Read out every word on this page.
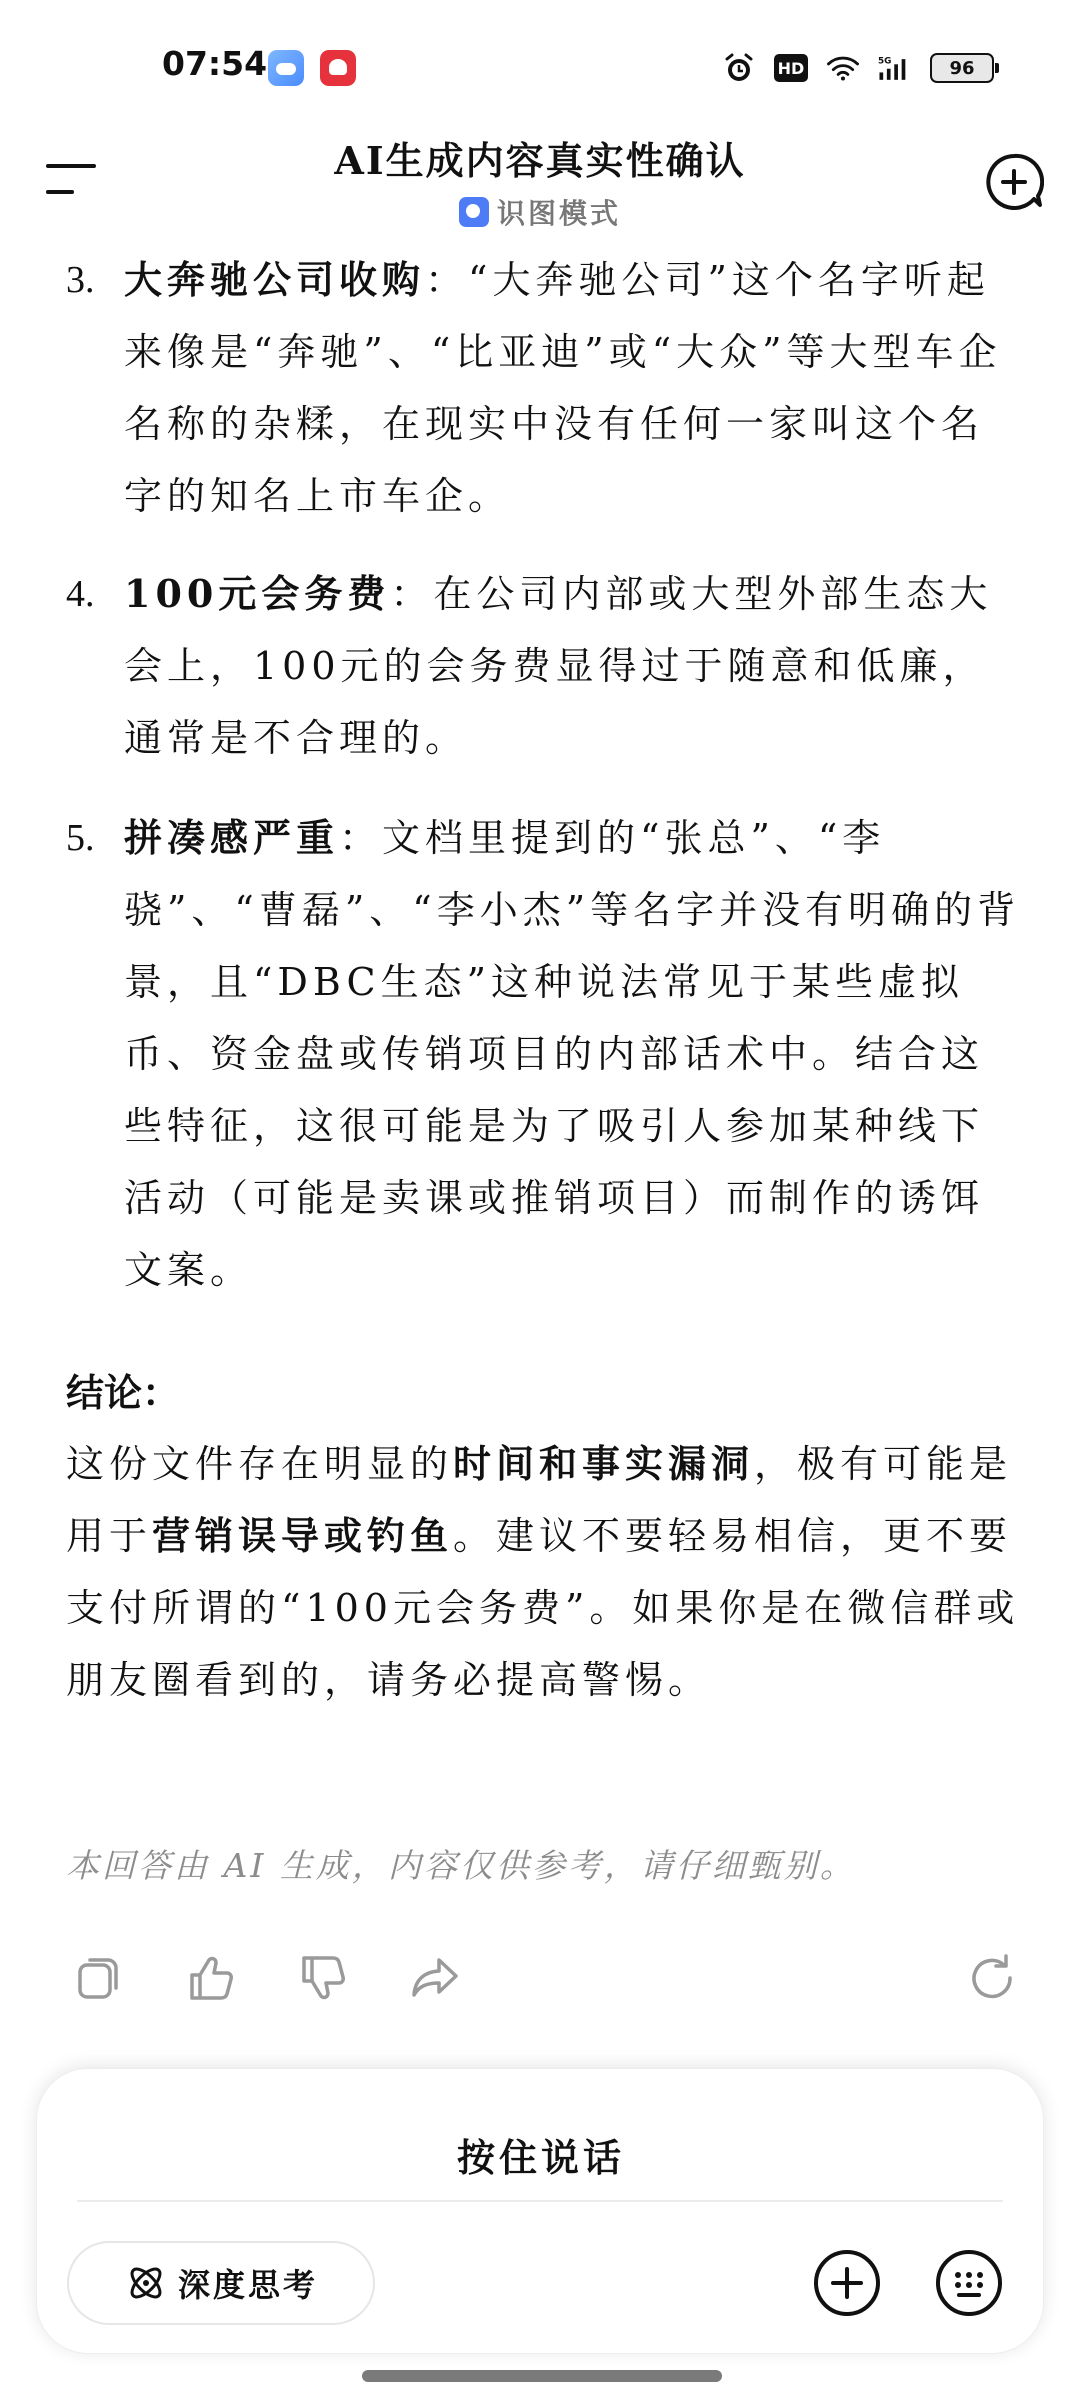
07:54	HD	5G	96
AI生成内容真实性确认
识图模式
3. 大奔驰公司收购：“大奔驰公司”这个名字听起来像是“奔驰”、“比亚迪”或“大众”等大型车企名称的杂糅，在现实中没有任何一家叫这个名字的知名上市车企。
4. 100元会务费：在公司内部或大型外部生态大会上，100元的会务费显得过于随意和低廉，通常是不合理的。
5. 拼凑感严重：文档里提到的“张总”、“李骁”、“曹磊”、“李小杰”等名字并没有明确的背景，且“DBC生态”这种说法常见于某些虚拟币、资金盘或传销项目的内部话术中。结合这些特征，这很可能是为了吸引人参加某种线下活动（可能是卖课或推销项目）而制作的诱饵文案。
结论：
这份文件存在明显的时间和事实漏洞，极有可能是用于营销误导或钓鱼。建议不要轻易相信，更不要支付所谓的“100元会务费”。如果你是在微信群或朋友圈看到的，请务必提高警惕。
本回答由 AI 生成，内容仅供参考，请仔细甄别。
按住说话
深度思考
